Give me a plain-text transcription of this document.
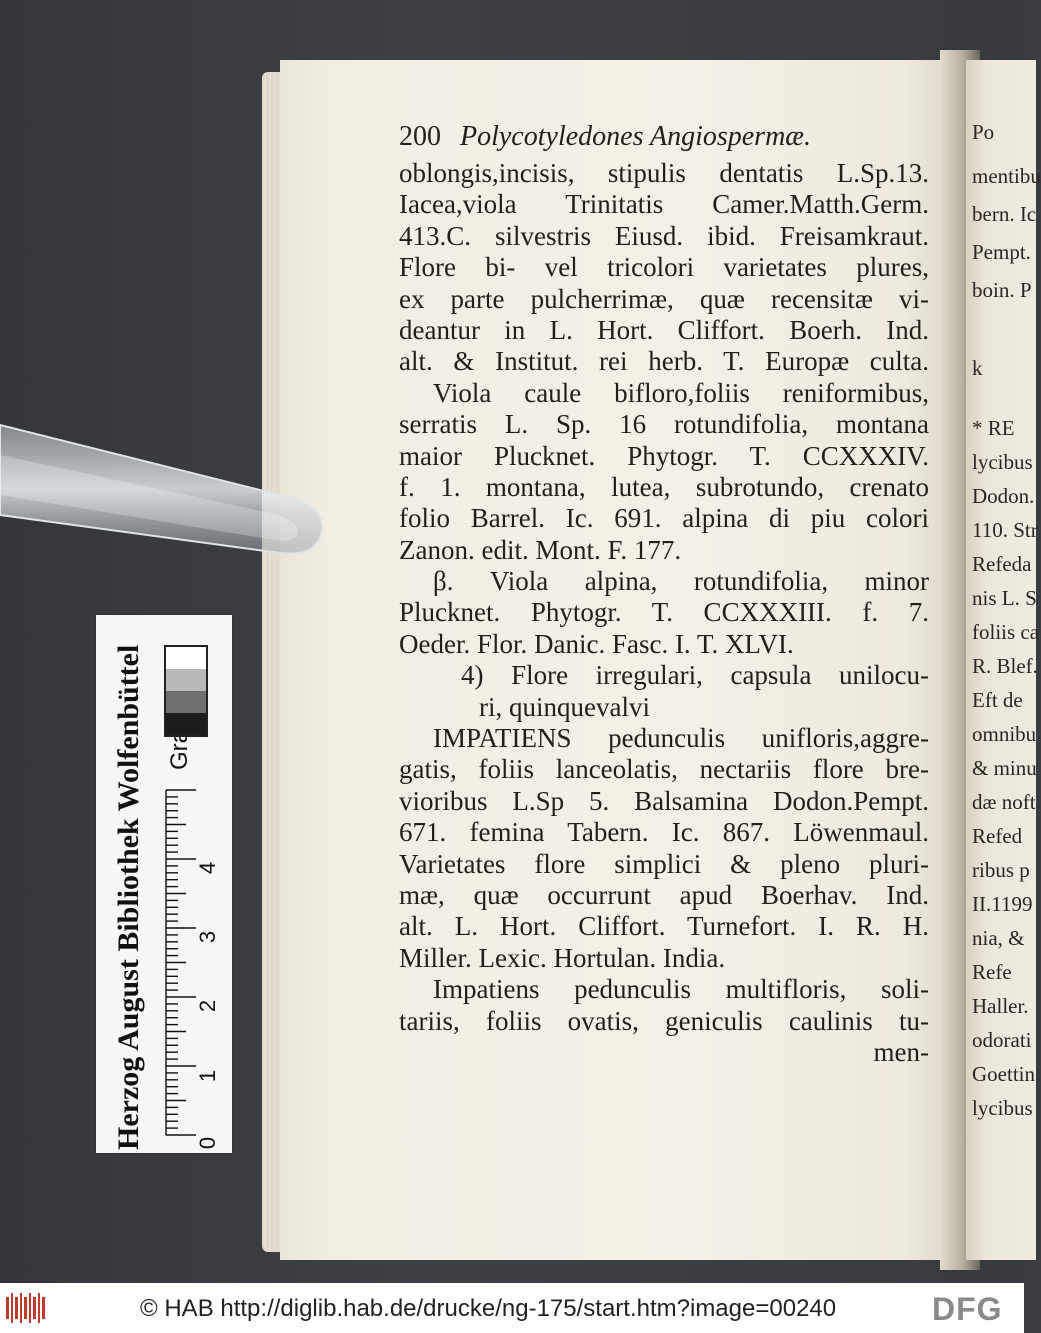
Po
mentibu
bern. Ic
Pempt.
boin. P
k
* RE
lycibus
Dodon.
110. Str
Refeda
nis L. S
foliis ca
R. Blef.
Eft de
omnibu
& minu
dæ noft
Refed
ribus p
II.1199
nia, &
Refe
Haller.
odorati
Goettin
lycibus
200 Polycotyledones Angiospermæ.
oblongis,incisis, stipulis dentatis L.Sp.13.
Iacea,viola Trinitatis Camer.Matth.Germ.
413.C. silvestris Eiusd. ibid. Freisamkraut.
Flore bi- vel tricolori varietates plures,
ex parte pulcherrimæ, quæ recensitæ vi-
deantur in L. Hort. Cliffort. Boerh. Ind.
alt. & Institut. rei herb. T. Europæ culta.
Viola caule bifloro,foliis reniformibus,
serratis L. Sp. 16 rotundifolia, montana
maior Plucknet. Phytogr. T. CCXXXIV.
f. 1. montana, lutea, subrotundo, crenato
folio Barrel. Ic. 691. alpina di piu colori
Zanon. edit. Mont. F. 177.
β. Viola alpina, rotundifolia, minor
Plucknet. Phytogr. T. CCXXXIII. f. 7.
Oeder. Flor. Danic. Fasc. I. T. XLVI.
4) Flore irregulari, capsula unilocu-
ri, quinquevalvi
IMPATIENS pedunculis unifloris,aggre-
gatis, foliis lanceolatis, nectariis flore bre-
vioribus L.Sp 5. Balsamina Dodon.Pempt.
671. femina Tabern. Ic. 867. Löwenmaul.
Varietates flore simplici & pleno pluri-
mæ, quæ occurrunt apud Boerhav. Ind.
alt. L. Hort. Cliffort. Turnefort. I. R. H.
Miller. Lexic. Hortulan. India.
Impatiens pedunculis multifloris, soli-
tariis, foliis ovatis, geniculis caulinis tu-
men-
Herzog August Bibliothek Wolfenbüttel 0
1
2
3
4
© HAB http://diglib.hab.de/drucke/ng-175/start.htm?image=00240	DFG
